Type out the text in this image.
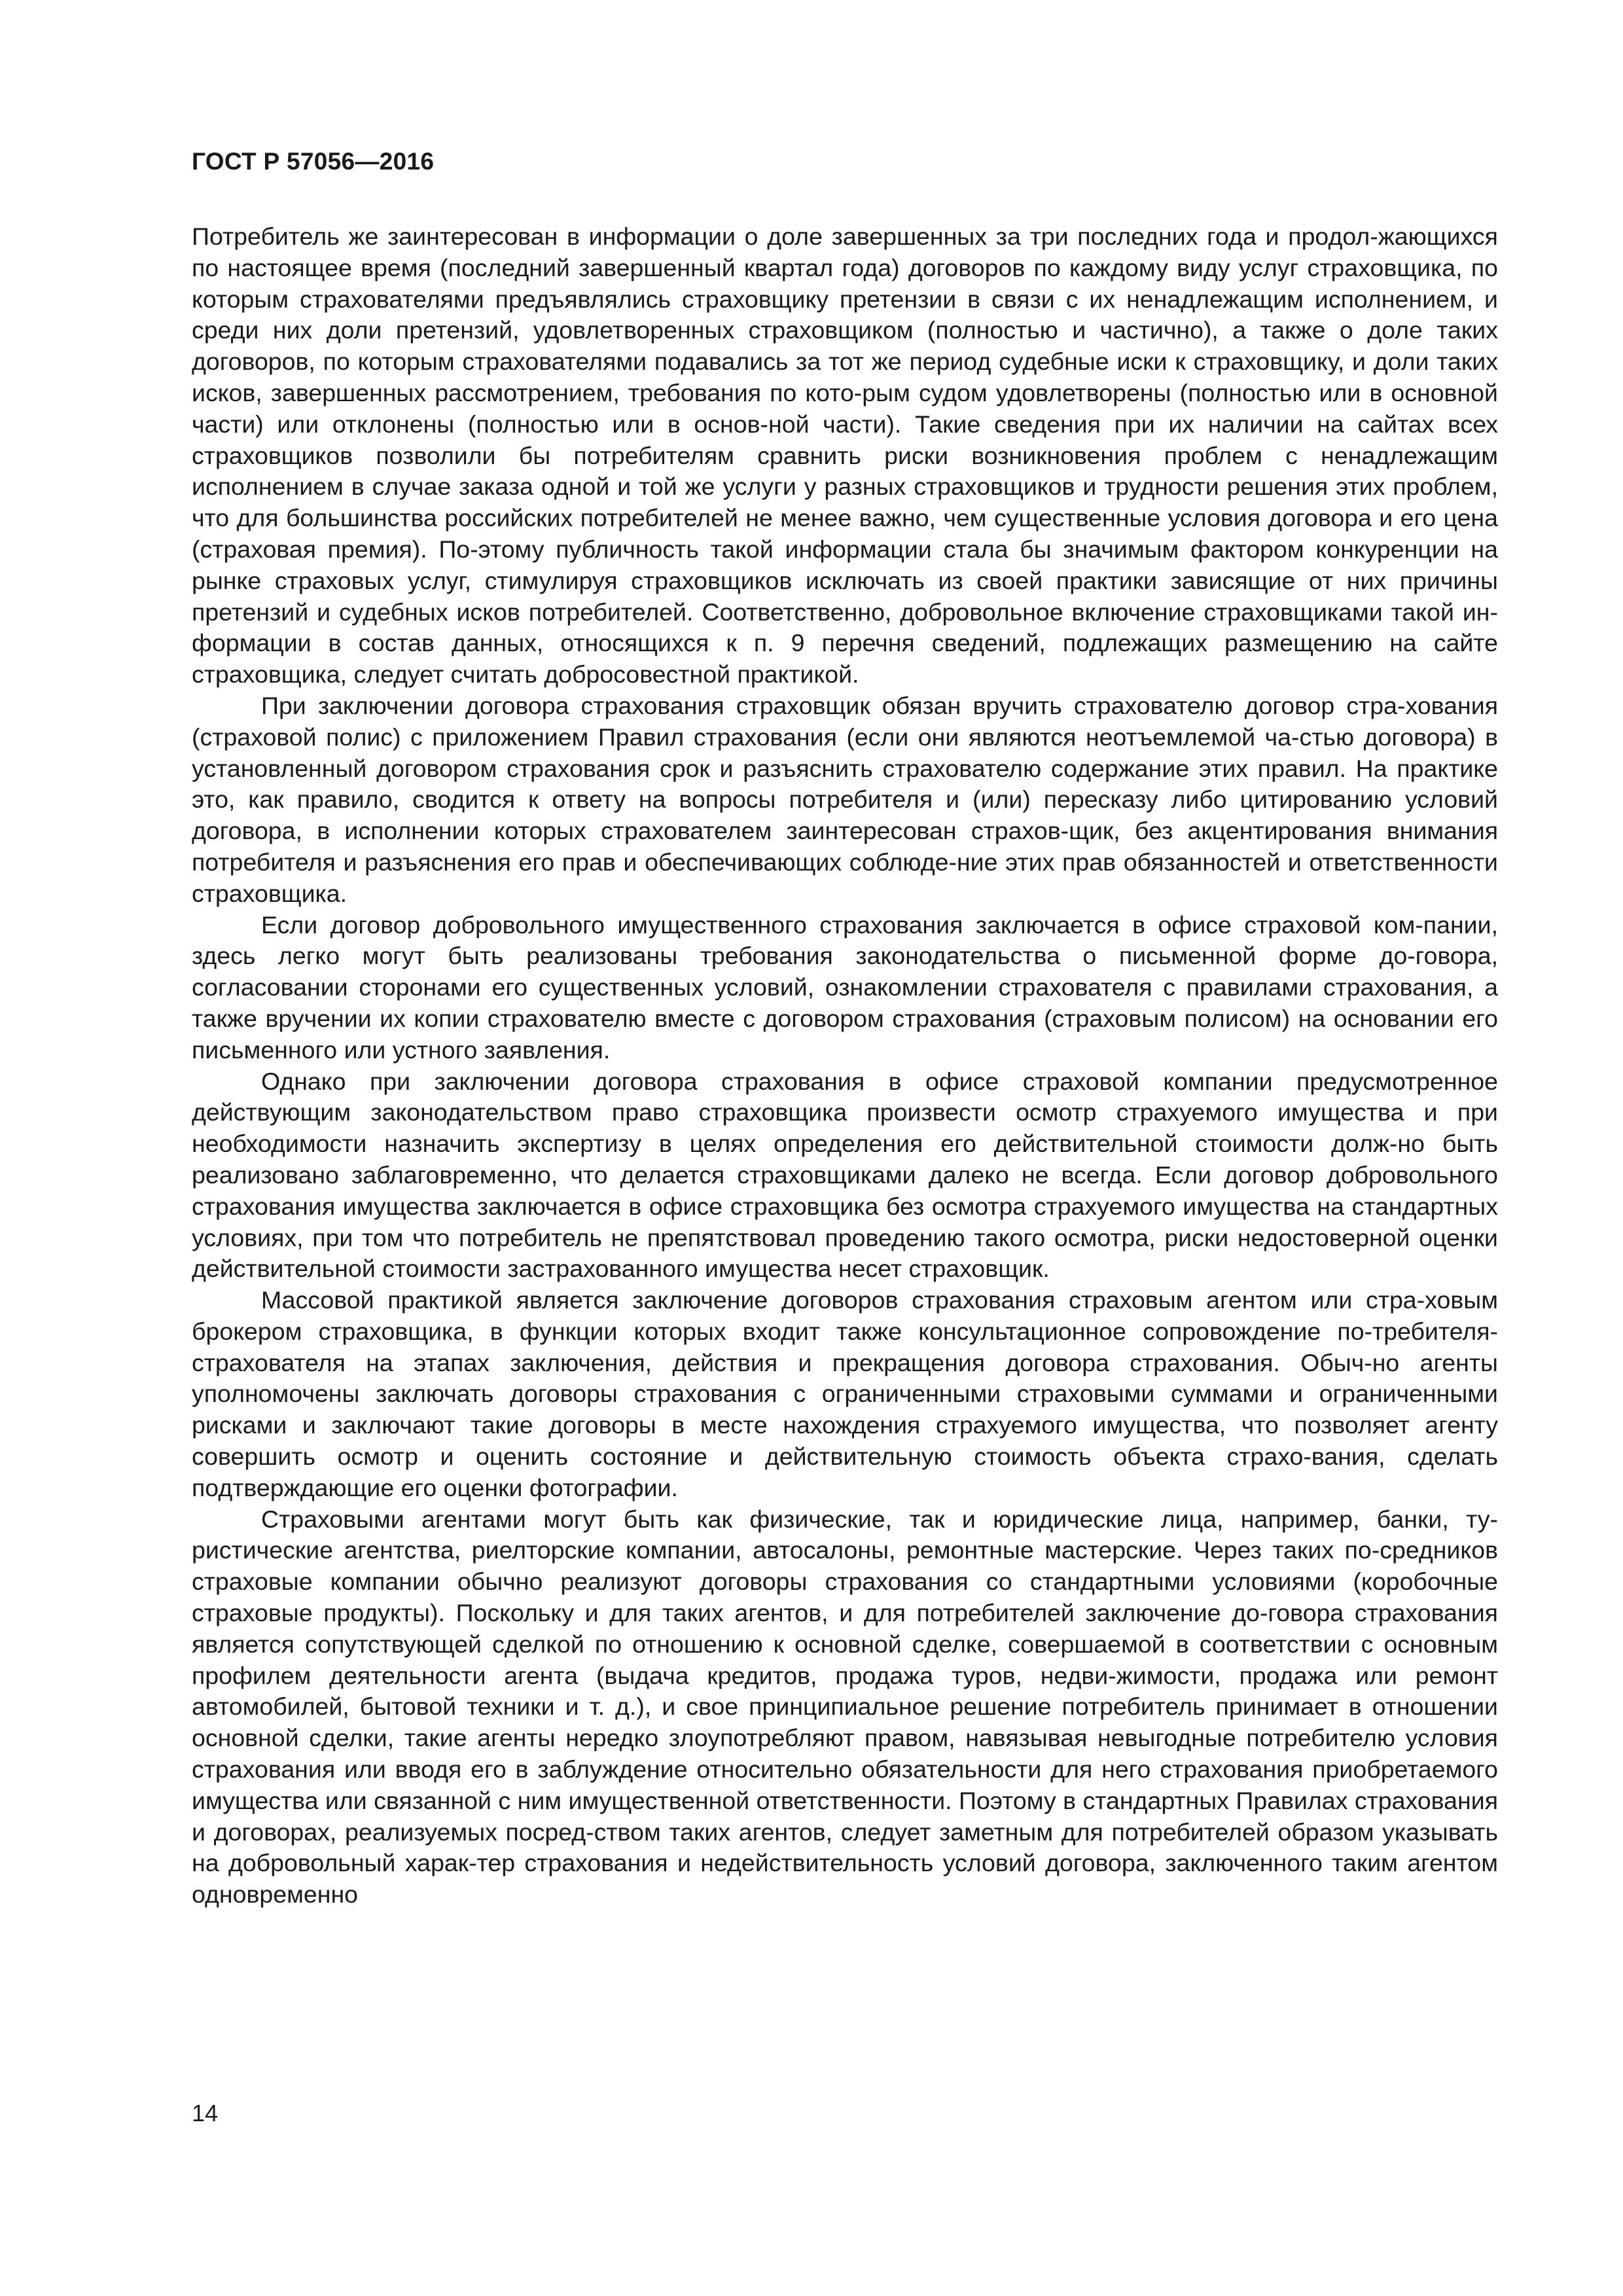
ГОСТ Р 57056—2016

Потребитель же заинтересован в информации о доле завершенных за три последних года и продол-жающихся по настоящее время (последний завершенный квартал года) договоров по каждому виду услуг страховщика, по которым страхователями предъявлялись страховщику претензии в связи с их ненадлежащим исполнением, и среди них доли претензий, удовлетворенных страховщиком (полностью и частично), а также о доле таких договоров, по которым страхователями подавались за тот же период судебные иски к страховщику, и доли таких исков, завершенных рассмотрением, требования по кото-рым судом удовлетворены (полностью или в основной части) или отклонены (полностью или в основ-ной части). Такие сведения при их наличии на сайтах всех страховщиков позволили бы потребителям сравнить риски возникновения проблем с ненадлежащим исполнением в случае заказа одной и той же услуги у разных страховщиков и трудности решения этих проблем, что для большинства российских потребителей не менее важно, чем существенные условия договора и его цена (страховая премия). По-этому публичность такой информации стала бы значимым фактором конкуренции на рынке страховых услуг, стимулируя страховщиков исключать из своей практики зависящие от них причины претензий и судебных исков потребителей. Соответственно, добровольное включение страховщиками такой ин-формации в состав данных, относящихся к п. 9 перечня сведений, подлежащих размещению на сайте страховщика, следует считать добросовестной практикой.

При заключении договора страхования страховщик обязан вручить страхователю договор стра-хования (страховой полис) с приложением Правил страхования (если они являются неотъемлемой ча-стью договора) в установленный договором страхования срок и разъяснить страхователю содержание этих правил. На практике это, как правило, сводится к ответу на вопросы потребителя и (или) пересказу либо цитированию условий договора, в исполнении которых страхователем заинтересован страхов-щик, без акцентирования внимания потребителя и разъяснения его прав и обеспечивающих соблюде-ние этих прав обязанностей и ответственности страховщика.

Если договор добровольного имущественного страхования заключается в офисе страховой ком-пании, здесь легко могут быть реализованы требования законодательства о письменной форме до-говора, согласовании сторонами его существенных условий, ознакомлении страхователя с правилами страхования, а также вручении их копии страхователю вместе с договором страхования (страховым полисом) на основании его письменного или устного заявления.

Однако при заключении договора страхования в офисе страховой компании предусмотренное действующим законодательством право страховщика произвести осмотр страхуемого имущества и при необходимости назначить экспертизу в целях определения его действительной стоимости долж-но быть реализовано заблаговременно, что делается страховщиками далеко не всегда. Если договор добровольного страхования имущества заключается в офисе страховщика без осмотра страхуемого имущества на стандартных условиях, при том что потребитель не препятствовал проведению такого осмотра, риски недостоверной оценки действительной стоимости застрахованного имущества несет страховщик.

Массовой практикой является заключение договоров страхования страховым агентом или стра-ховым брокером страховщика, в функции которых входит также консультационное сопровождение по-требителя-страхователя на этапах заключения, действия и прекращения договора страхования. Обыч-но агенты уполномочены заключать договоры страхования с ограниченными страховыми суммами и ограниченными рисками и заключают такие договоры в месте нахождения страхуемого имущества, что позволяет агенту совершить осмотр и оценить состояние и действительную стоимость объекта страхо-вания, сделать подтверждающие его оценки фотографии.

Страховыми агентами могут быть как физические, так и юридические лица, например, банки, ту-ристические агентства, риелторские компании, автосалоны, ремонтные мастерские. Через таких по-средников страховые компании обычно реализуют договоры страхования со стандартными условиями (коробочные страховые продукты). Поскольку и для таких агентов, и для потребителей заключение до-говора страхования является сопутствующей сделкой по отношению к основной сделке, совершаемой в соответствии с основным профилем деятельности агента (выдача кредитов, продажа туров, недви-жимости, продажа или ремонт автомобилей, бытовой техники и т. д.), и свое принципиальное решение потребитель принимает в отношении основной сделки, такие агенты нередко злоупотребляют правом, навязывая невыгодные потребителю условия страхования или вводя его в заблуждение относительно обязательности для него страхования приобретаемого имущества или связанной с ним имущественной ответственности. Поэтому в стандартных Правилах страхования и договорах, реализуемых посред-ством таких агентов, следует заметным для потребителей образом указывать на добровольный харак-тер страхования и недействительность условий договора, заключенного таким агентом одновременно

14
